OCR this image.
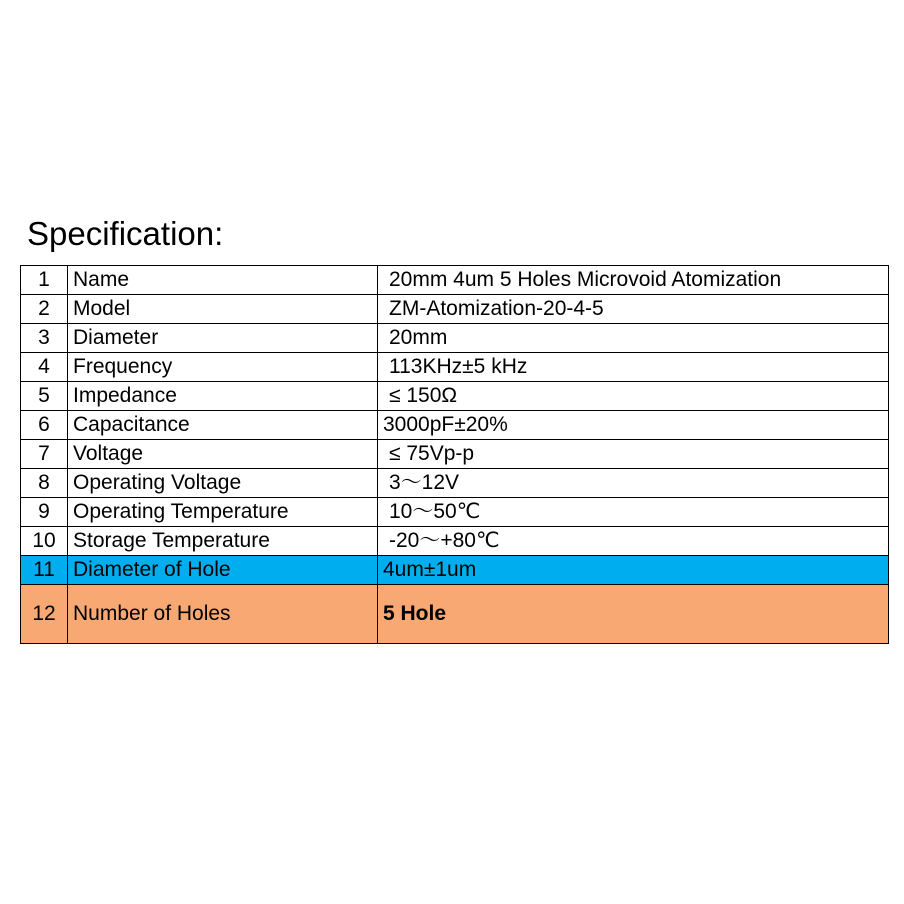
Specification:
1	Name	20mm 4um 5 Holes Microvoid Atomization
2	Model	ZM-Atomization-20-4-5
3	Diameter	20mm
4	Frequency	113KHz±5 kHz
5	Impedance	≤ 150Ω
6	Capacitance	3000pF±20%
7	Voltage	≤ 75Vp-p
8	Operating Voltage	3～12V
9	Operating Temperature	10～50℃
10	Storage Temperature	-20～+80℃
11	Diameter of Hole	4um±1um
12	Number of Holes	5 Hole
